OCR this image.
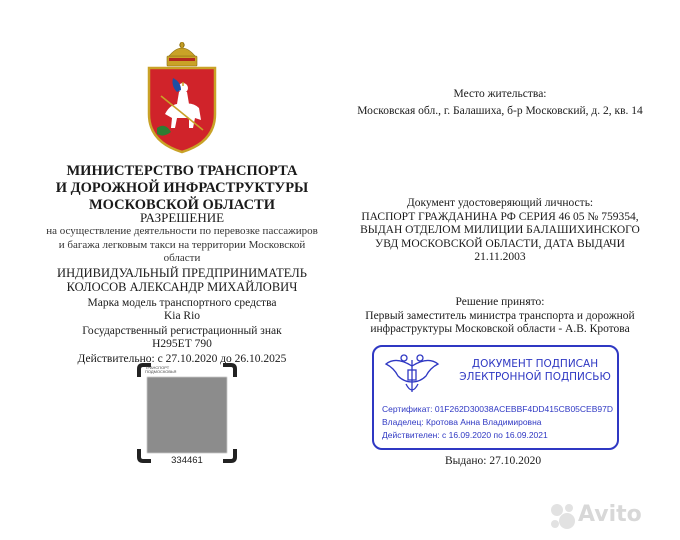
МИНИСТЕРСТВО ТРАНСПОРТА
И ДОРОЖНОЙ ИНФРАСТРУКТУРЫ
МОСКОВСКОЙ ОБЛАСТИ
РАЗРЕШЕНИЕ
на осуществление деятельности по перевозке пассажиров
и багажа легковым такси на территории Московской
области
ИНДИВИДУАЛЬНЫЙ ПРЕДПРИНИМАТЕЛЬ
КОЛОСОВ АЛЕКСАНДР МИХАЙЛОВИЧ
Марка модель транспортного средства
Kia Rio
Государственный регистрационный знак
Н295ЕТ 790
Действительно: с 27.10.2020 до 26.10.2025
ТРАНСПОРТ ПОДМОСКОВЬЯ
334461
Место жительства:
Московская обл., г. Балашиха, б-р Московский, д. 2, кв. 14
Документ удостоверяющий личность:
ПАСПОРТ ГРАЖДАНИНА РФ СЕРИЯ 46 05 № 759354,
ВЫДАН ОТДЕЛОМ МИЛИЦИИ БАЛАШИХИНСКОГО
УВД МОСКОВСКОЙ ОБЛАСТИ, ДАТА ВЫДАЧИ
21.11.2003
Решение принято:
Первый заместитель министра транспорта и дорожной
инфраструктуры Московской области - А.В. Кротова
ДОКУМЕНТ ПОДПИСАН
ЭЛЕКТРОННОЙ ПОДПИСЬЮ
Сертификат: 01F262D30038ACEBBF4DD415CB05CEB97D
Владелец: Кротова Анна Владимировна
Действителен: с 16.09.2020 по 16.09.2021
Выдано: 27.10.2020
Avito
